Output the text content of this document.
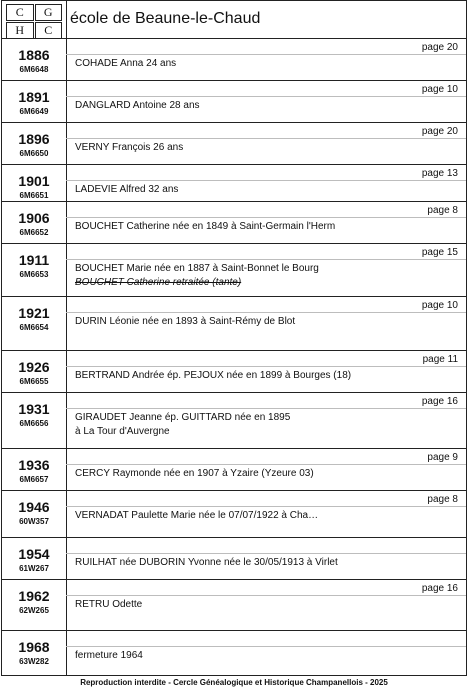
C	G
H	C
école de Beaune-le-Chaud
1886
6M6648
page 20
COHADE Anna 24 ans
1891
6M6649
page 10
DANGLARD Antoine 28 ans
1896
6M6650
page 20
VERNY François 26 ans
1901
6M6651
page 13
LADEVIE Alfred 32 ans
1906
6M6652
page 8
BOUCHET Catherine née en 1849 à Saint-Germain l'Herm
1911
6M6653
page 15
BOUCHET Marie née en 1887 à Saint-Bonnet le Bourg
BOUCHET Catherine retraitée (tante)
1921
6M6654
page 10
DURIN Léonie née en 1893 à Saint-Rémy de Blot
1926
6M6655
page 11
BERTRAND Andrée ép. PEJOUX née en 1899 à Bourges (18)
1931
6M6656
page 16
GIRAUDET Jeanne ép. GUITTARD née en 1895
à La Tour d'Auvergne
1936
6M6657
page 9
CERCY Raymonde née en 1907 à Yzaire (Yzeure 03)
1946
60W357
page 8
VERNADAT Paulette Marie née le 07/07/1922 à Cha…
1954
61W267
RUILHAT née DUBORIN Yvonne née le 30/05/1913 à Virlet
1962
62W265
page 16
RETRU Odette
1968
63W282
fermeture 1964
Reproduction interdite - Cercle Généalogique et Historique Champanellois - 2025
